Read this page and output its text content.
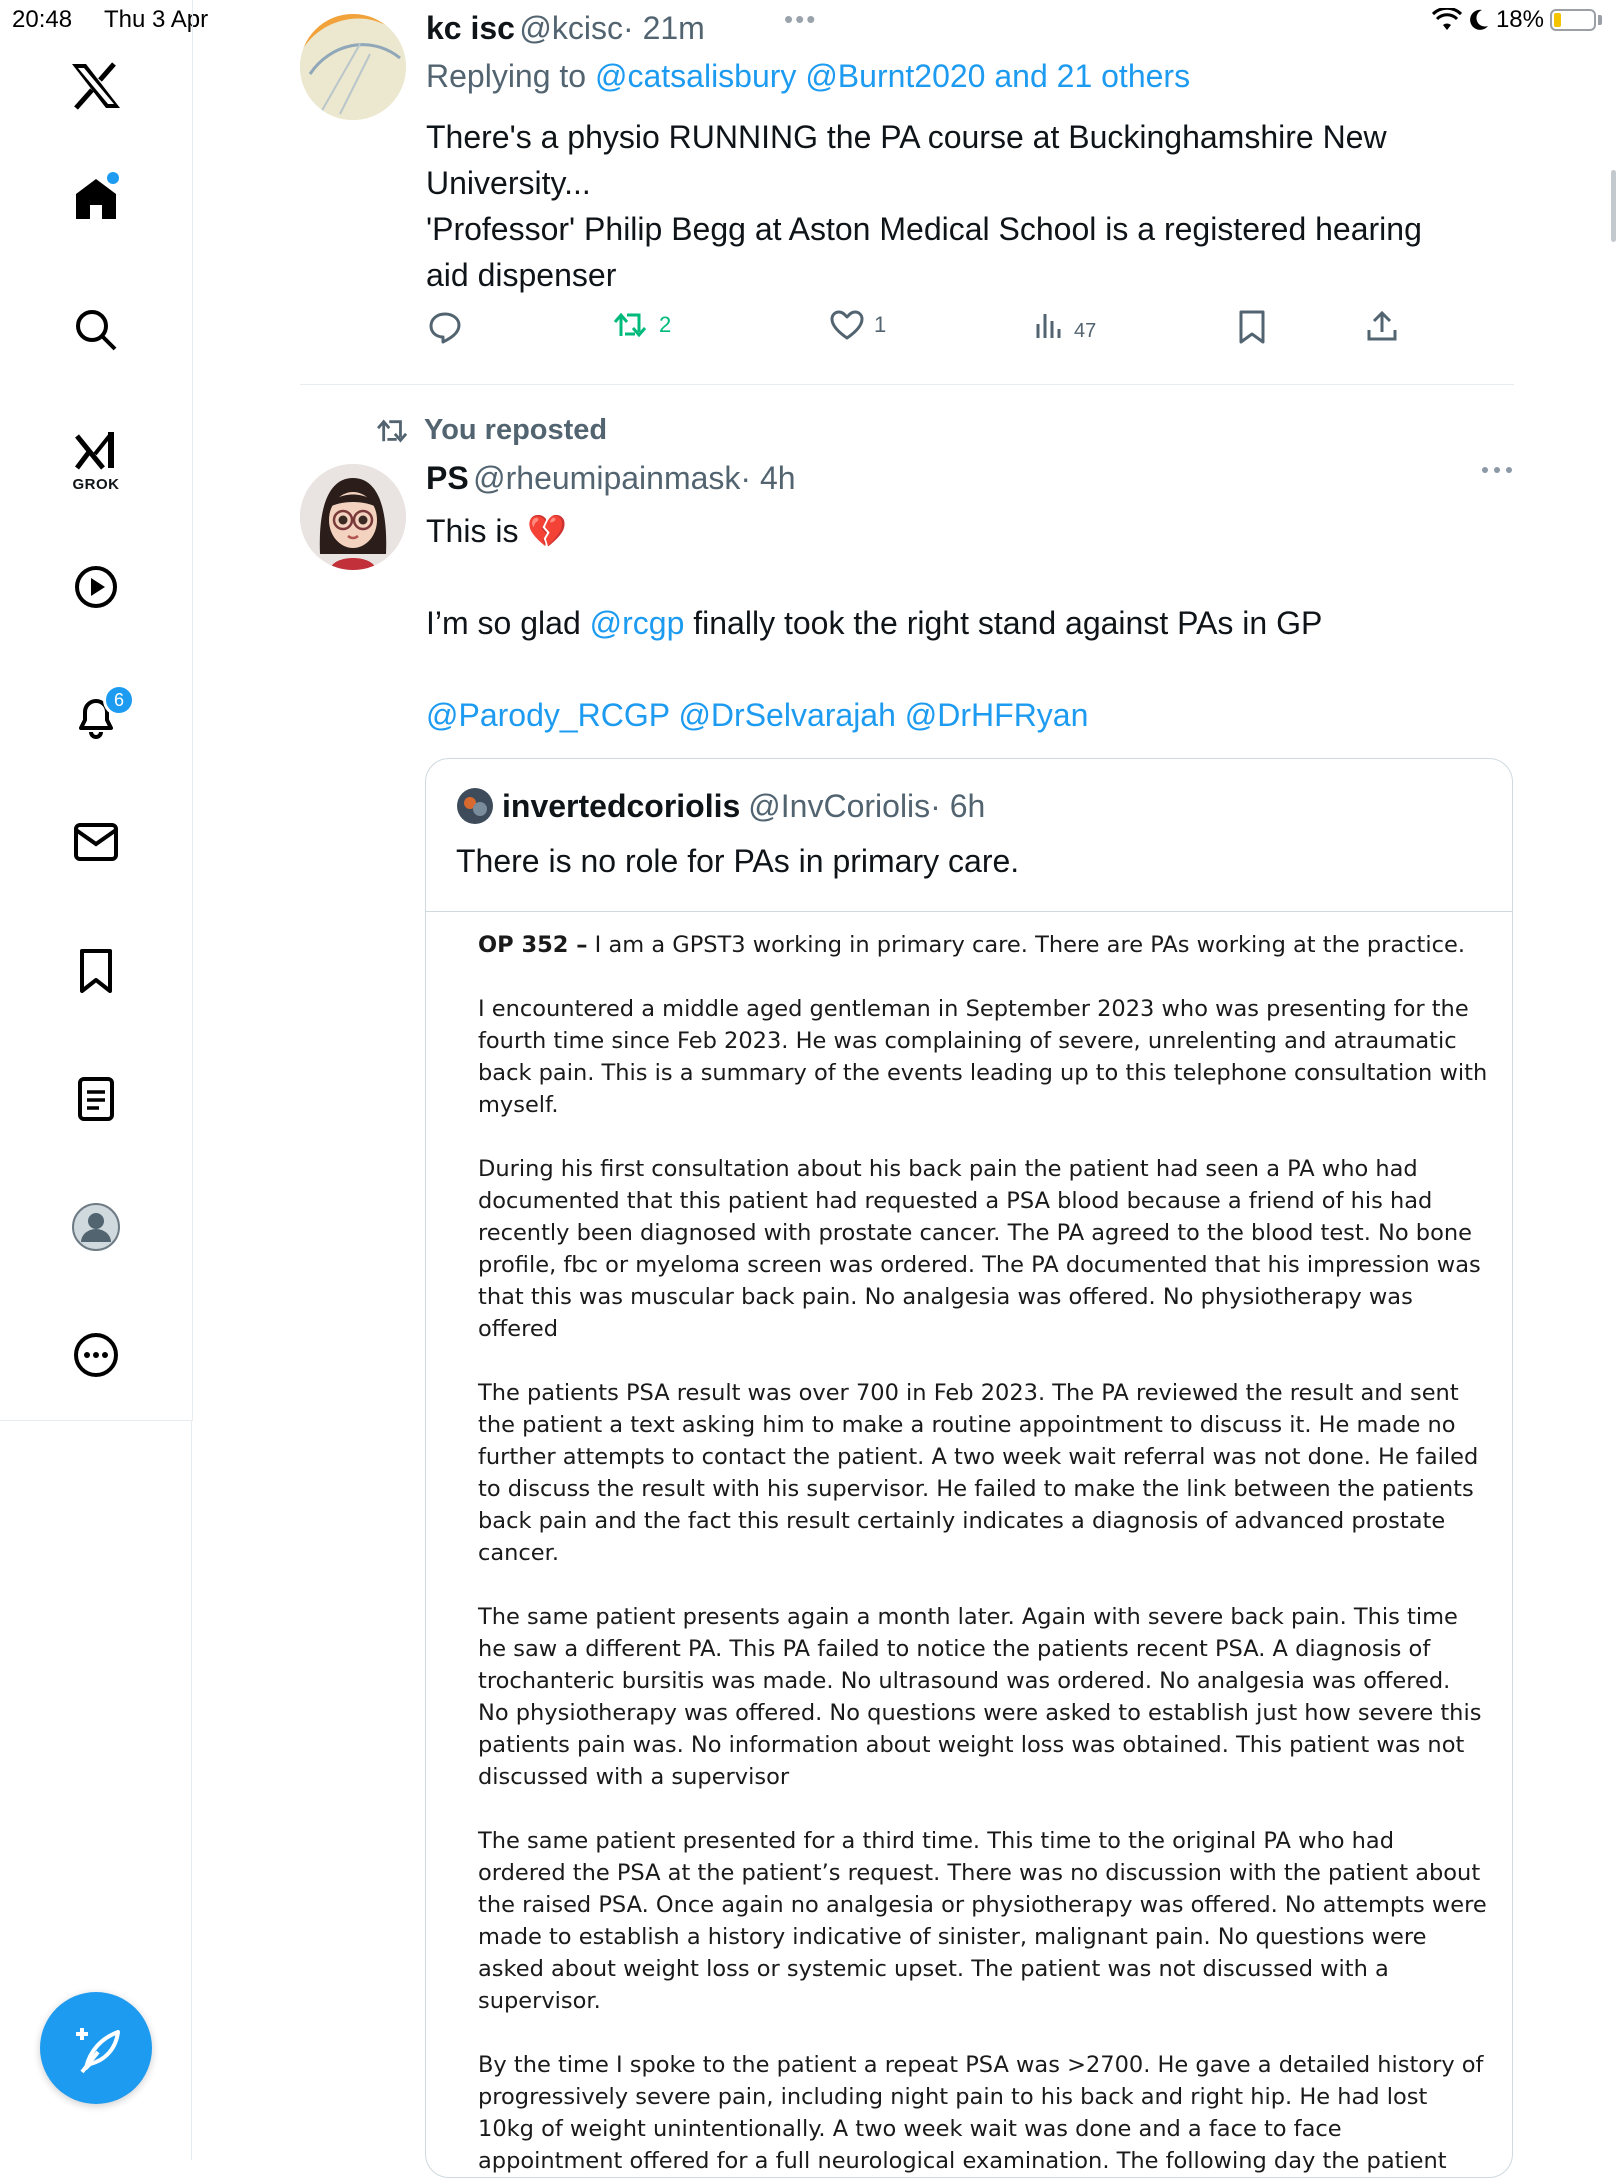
20:48 Thu 3 Apr	•••	18%
GROK
6
kc isc @kcisc· 21m
Replying to @catsalisbury @Burnt2020 and 21 others
There's a physio RUNNING the PA course at Buckinghamshire New
University...
'Professor' Philip Begg at Aston Medical School is a registered hearing
aid dispenser
2	1	47
You reposted
PS @rheumipainmask· 4h
This is 💔
I’m so glad @rcgp finally took the right stand against PAs in GP
@Parody_RCGP @DrSelvarajah @DrHFRyan
invertedcoriolis @InvCoriolis · 6h
There is no role for PAs in primary care.

OP 352 – I am a GPST3 working in primary care. There are PAs working at the practice.

I encountered a middle aged gentleman in September 2023 who was presenting for the fourth time since Feb 2023. He was complaining of severe, unrelenting and atraumatic back pain. This is a summary of the events leading up to this telephone consultation with myself.

During his first consultation about his back pain the patient had seen a PA who had documented that this patient had requested a PSA blood because a friend of his had recently been diagnosed with prostate cancer. The PA agreed to the blood test. No bone profile, fbc or myeloma screen was ordered. The PA documented that his impression was that this was muscular back pain. No analgesia was offered. No physiotherapy was offered

The patients PSA result was over 700 in Feb 2023. The PA reviewed the result and sent the patient a text asking him to make a routine appointment to discuss it. He made no further attempts to contact the patient. A two week wait referral was not done. He failed to discuss the result with his supervisor. He failed to make the link between the patients back pain and the fact this result certainly indicates a diagnosis of advanced prostate cancer.

The same patient presents again a month later. Again with severe back pain. This time he saw a different PA. This PA failed to notice the patients recent PSA. A diagnosis of trochanteric bursitis was made. No ultrasound was ordered. No analgesia was offered. No physiotherapy was offered. No questions were asked to establish just how severe this patients pain was. No information about weight loss was obtained. This patient was not discussed with a supervisor

The same patient presented for a third time. This time to the original PA who had ordered the PSA at the patient’s request. There was no discussion with the patient about the raised PSA. Once again no analgesia or physiotherapy was offered. No attempts were made to establish a history indicative of sinister, malignant pain. No questions were asked about weight loss or systemic upset. The patient was not discussed with a supervisor.

By the time I spoke to the patient a repeat PSA was >2700. He gave a detailed history of progressively severe pain, including night pain to his back and right hip. He had lost 10kg of weight unintentionally. A two week wait was done and a face to face appointment offered for a full neurological examination. The following day the patient
